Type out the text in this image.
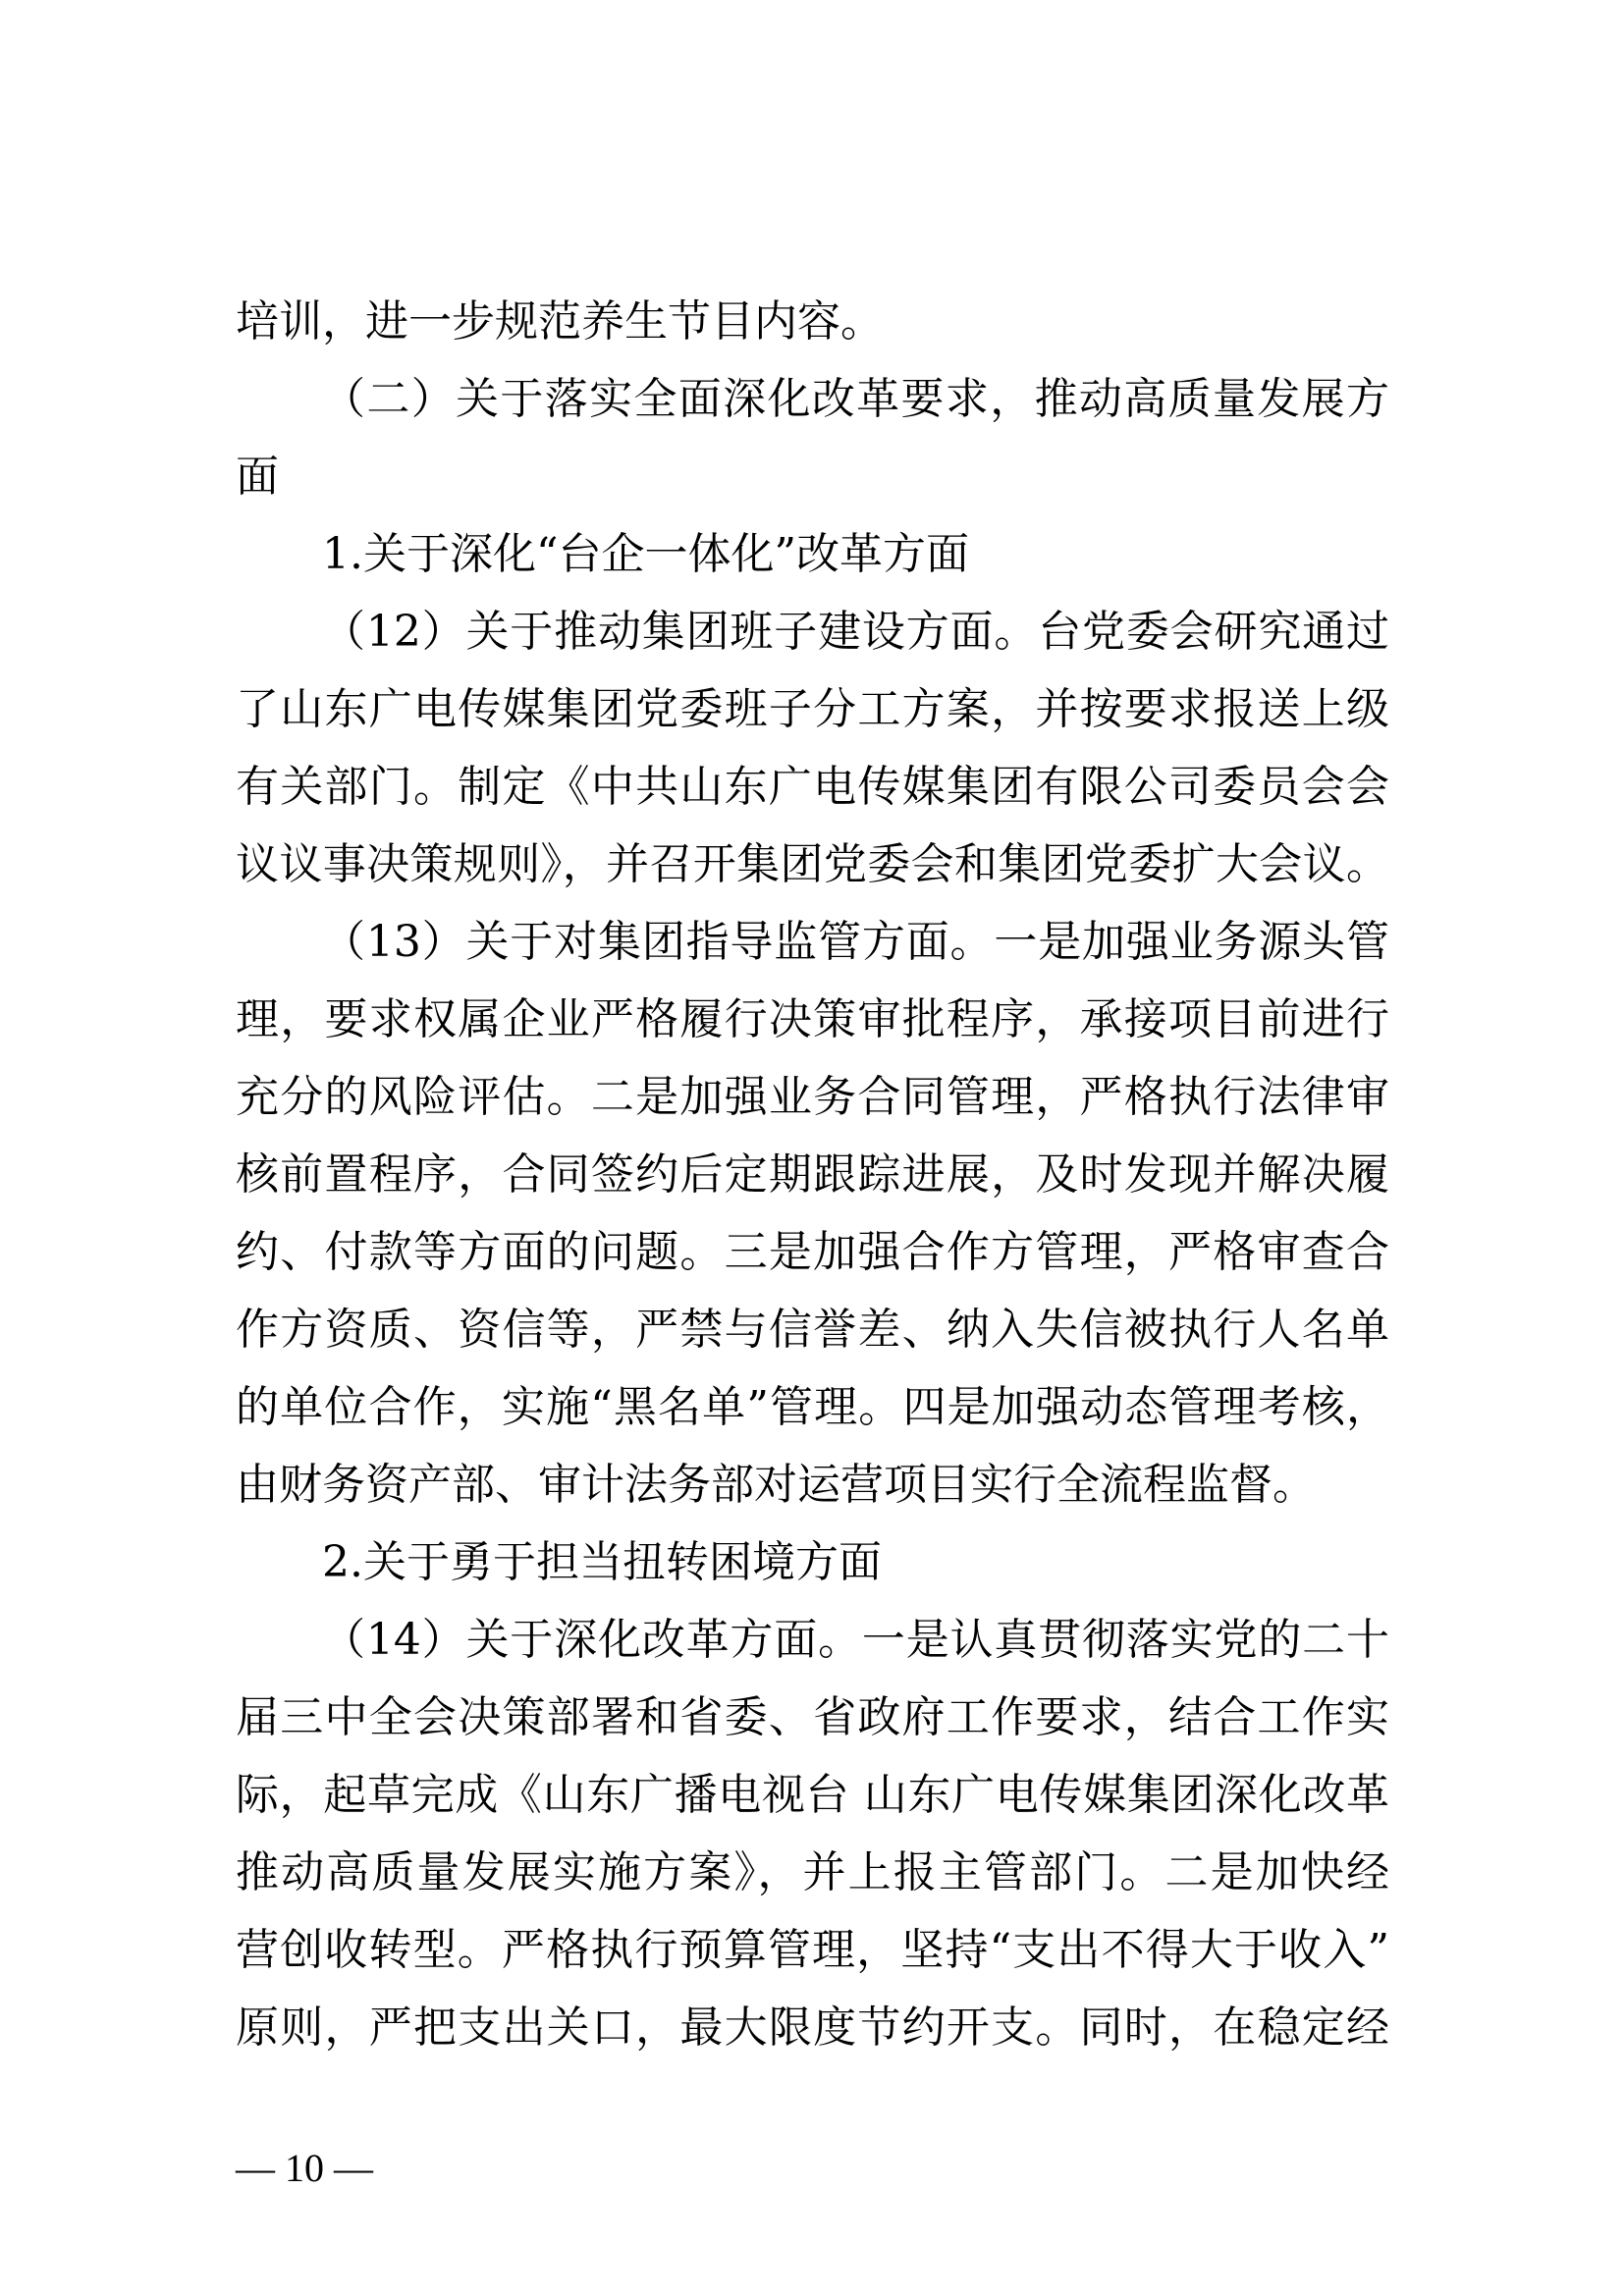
培训，进一步规范养生节目内容。
（二）关于落实全面深化改革要求，推动高质量发展方
面
1.关于深化“台企一体化”改革方面
（12）关于推动集团班子建设方面。台党委会研究通过
了山东广电传媒集团党委班子分工方案，并按要求报送上级
有关部门。制定《中共山东广电传媒集团有限公司委员会会
议议事决策规则》，并召开集团党委会和集团党委扩大会议。
（13）关于对集团指导监管方面。一是加强业务源头管
理，要求权属企业严格履行决策审批程序，承接项目前进行
充分的风险评估。二是加强业务合同管理，严格执行法律审
核前置程序，合同签约后定期跟踪进展，及时发现并解决履
约、付款等方面的问题。三是加强合作方管理，严格审查合
作方资质、资信等，严禁与信誉差、纳入失信被执行人名单
的单位合作，实施“黑名单”管理。四是加强动态管理考核，
由财务资产部、审计法务部对运营项目实行全流程监督。
2.关于勇于担当扭转困境方面
（14）关于深化改革方面。一是认真贯彻落实党的二十
届三中全会决策部署和省委、省政府工作要求，结合工作实
际，起草完成《山东广播电视台 山东广电传媒集团深化改革
推动高质量发展实施方案》，并上报主管部门。二是加快经
营创收转型。严格执行预算管理，坚持“支出不得大于收入”
原则，严把支出关口，最大限度节约开支。同时，在稳定经
— 10 —
